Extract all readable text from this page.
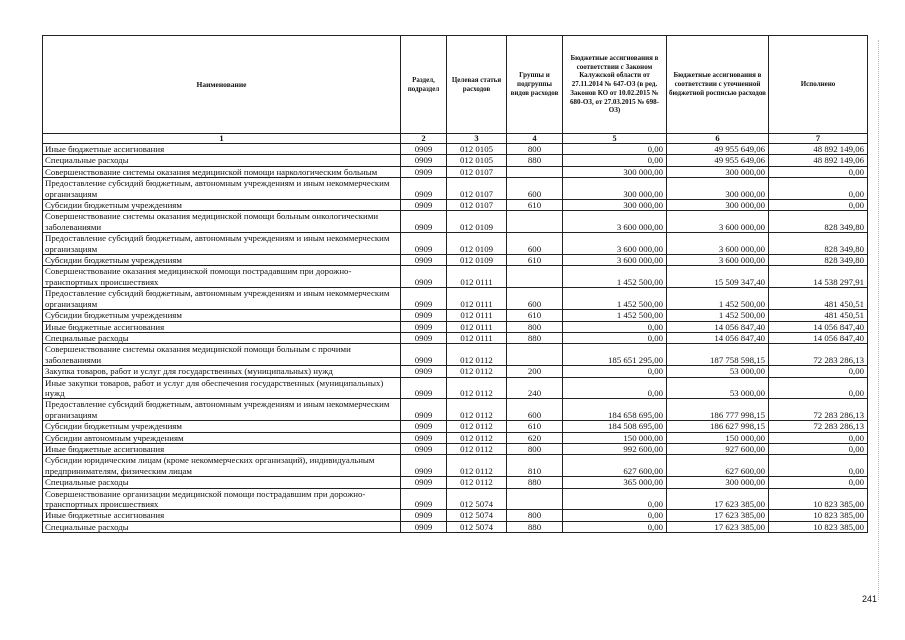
Наименование	Раздел, подраздел	Целевая статья расходов	Группы и подгруппы видов расходов	Бюджетные ассигнования в соответствии с Законом Калужской области от 27.11.2014 № 647-ОЗ (в ред. Законов КО от 10.02.2015 № 680-ОЗ, от 27.03.2015 № 698-ОЗ)	Бюджетные ассигнования в соответствии с уточненной бюджетной росписью расходов	Исполнено
1	2	3	4	5	6	7
Иные бюджетные ассигнования	0909	012 0105	800	0,00	49 955 649,06	48 892 149,06
Специальные расходы	0909	012 0105	880	0,00	49 955 649,06	48 892 149,06
Совершенствование системы оказания медицинской помощи наркологическим больным	0909	012 0107		300 000,00	300 000,00	0,00
Предоставление субсидий бюджетным, автономным учреждениям и иным некоммерческим организациям	0909	012 0107	600	300 000,00	300 000,00	0,00
Субсидии бюджетным учреждениям	0909	012 0107	610	300 000,00	300 000,00	0,00
Совершенствование системы оказания медицинской помощи больным онкологическими заболеваниями	0909	012 0109		3 600 000,00	3 600 000,00	828 349,80
Предоставление субсидий бюджетным, автономным учреждениям и иным некоммерческим организациям	0909	012 0109	600	3 600 000,00	3 600 000,00	828 349,80
Субсидии бюджетным учреждениям	0909	012 0109	610	3 600 000,00	3 600 000,00	828 349,80
Совершенствование оказания медицинской помощи пострадавшим при дорожно-транспортных происшествиях	0909	012 0111		1 452 500,00	15 509 347,40	14 538 297,91
Предоставление субсидий бюджетным, автономным учреждениям и иным некоммерческим организациям	0909	012 0111	600	1 452 500,00	1 452 500,00	481 450,51
Субсидии бюджетным учреждениям	0909	012 0111	610	1 452 500,00	1 452 500,00	481 450,51
Иные бюджетные ассигнования	0909	012 0111	800	0,00	14 056 847,40	14 056 847,40
Специальные расходы	0909	012 0111	880	0,00	14 056 847,40	14 056 847,40
Совершенствование системы оказания медицинской помощи больным с прочими заболеваниями	0909	012 0112		185 651 295,00	187 758 598,15	72 283 286,13
Закупка товаров, работ и услуг для государственных (муниципальных) нужд	0909	012 0112	200	0,00	53 000,00	0,00
Иные закупки товаров, работ и услуг для обеспечения государственных (муниципальных) нужд	0909	012 0112	240	0,00	53 000,00	0,00
Предоставление субсидий бюджетным, автономным учреждениям и иным некоммерческим организациям	0909	012 0112	600	184 658 695,00	186 777 998,15	72 283 286,13
Субсидии бюджетным учреждениям	0909	012 0112	610	184 508 695,00	186 627 998,15	72 283 286,13
Субсидии автономным учреждениям	0909	012 0112	620	150 000,00	150 000,00	0,00
Иные бюджетные ассигнования	0909	012 0112	800	992 600,00	927 600,00	0,00
Субсидии юридическим лицам (кроме некоммерческих организаций), индивидуальным предпринимателям, физическим лицам	0909	012 0112	810	627 600,00	627 600,00	0,00
Специальные расходы	0909	012 0112	880	365 000,00	300 000,00	0,00
Совершенствование организации медицинской помощи пострадавшим при дорожно-транспортных происшествиях	0909	012 5074		0,00	17 623 385,00	10 823 385,00
Иные бюджетные ассигнования	0909	012 5074	800	0,00	17 623 385,00	10 823 385,00
Специальные расходы	0909	012 5074	880	0,00	17 623 385,00	10 823 385,00
241
